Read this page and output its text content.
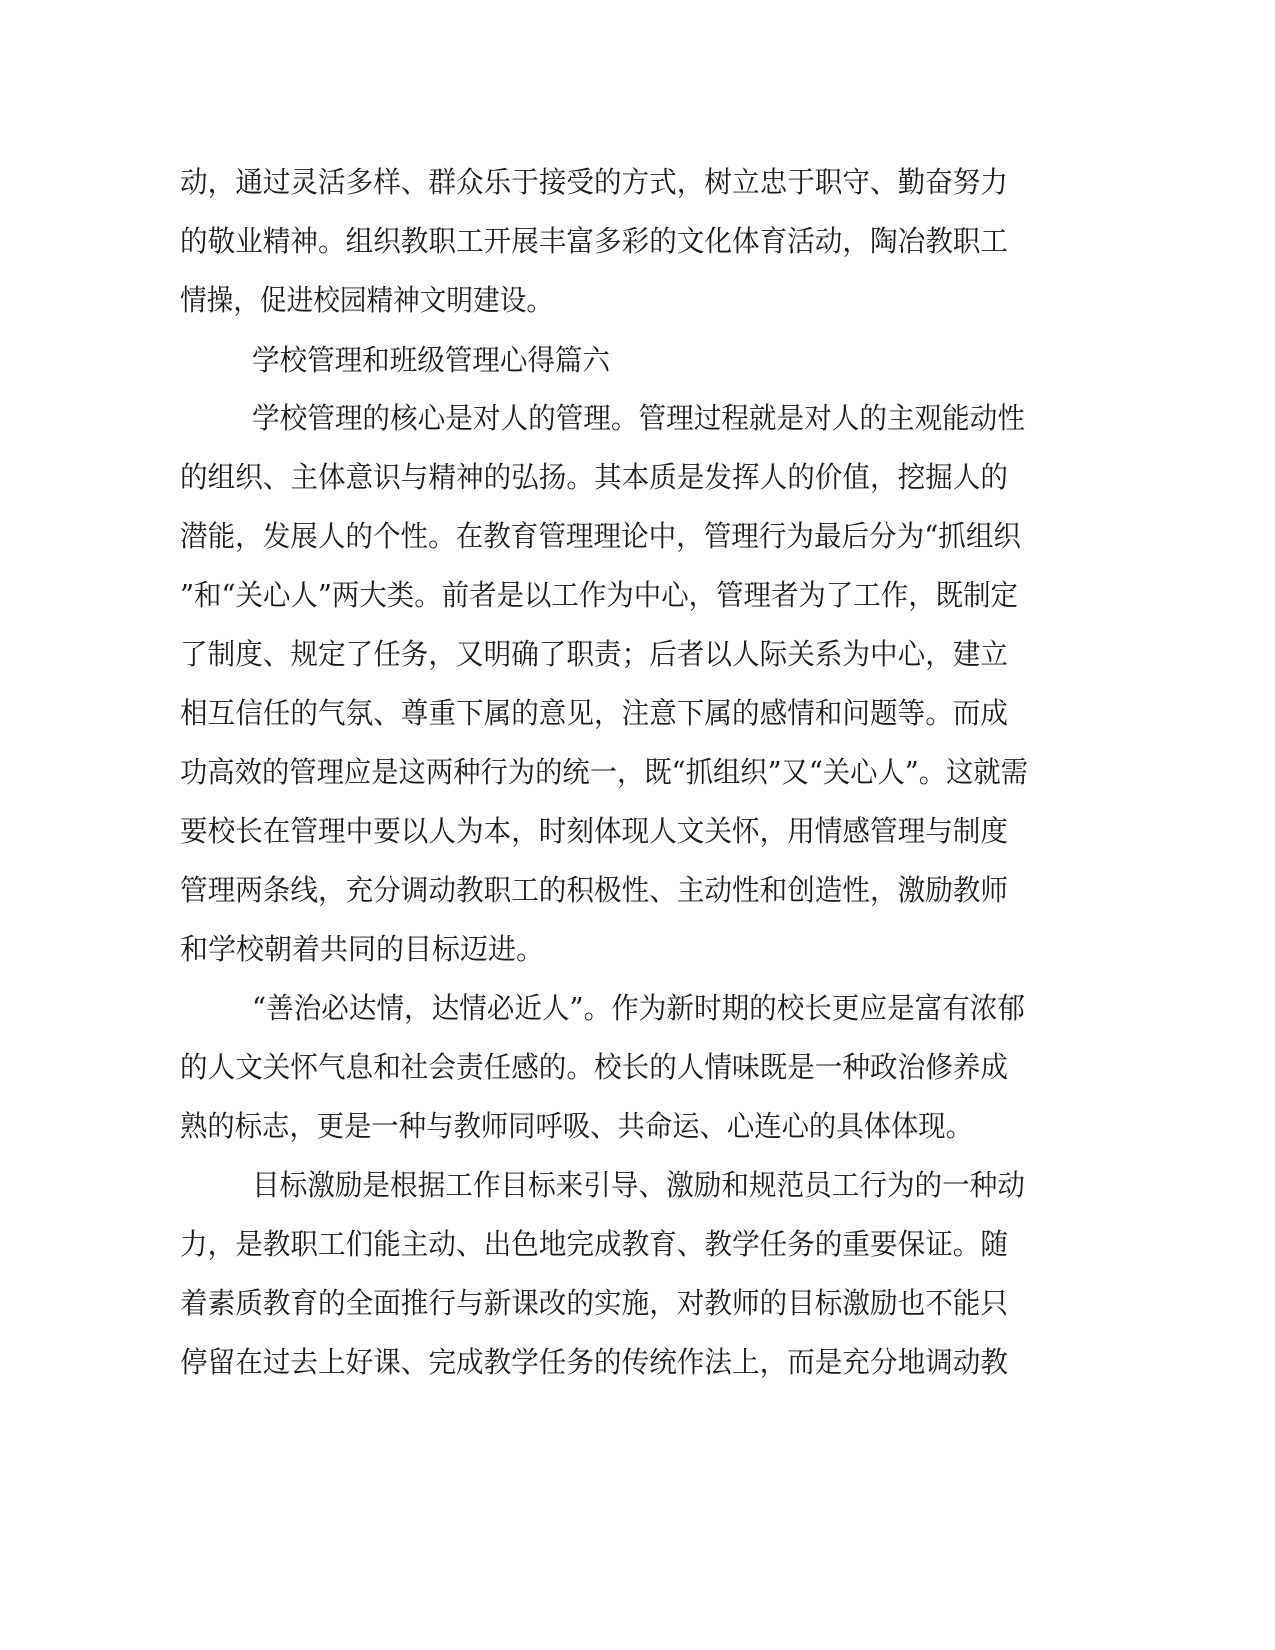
动，通过灵活多样、群众乐于接受的方式，树立忠于职守、勤奋努力
的敬业精神。组织教职工开展丰富多彩的文化体育活动，陶冶教职工
情操，促进校园精神文明建设。
学校管理和班级管理心得篇六
学校管理的核心是对人的管理。管理过程就是对人的主观能动性
的组织、主体意识与精神的弘扬。其本质是发挥人的价值，挖掘人的
潜能，发展人的个性。在教育管理理论中，管理行为最后分为“抓组织
”和“关心人”两大类。前者是以工作为中心，管理者为了工作，既制定
了制度、规定了任务，又明确了职责；后者以人际关系为中心，建立
相互信任的气氛、尊重下属的意见，注意下属的感情和问题等。而成
功高效的管理应是这两种行为的统一，既“抓组织”又“关心人”。这就需
要校长在管理中要以人为本，时刻体现人文关怀，用情感管理与制度
管理两条线，充分调动教职工的积极性、主动性和创造性，激励教师
和学校朝着共同的目标迈进。
“善治必达情，达情必近人”。作为新时期的校长更应是富有浓郁
的人文关怀气息和社会责任感的。校长的人情味既是一种政治修养成
熟的标志，更是一种与教师同呼吸、共命运、心连心的具体体现。
目标激励是根据工作目标来引导、激励和规范员工行为的一种动
力，是教职工们能主动、出色地完成教育、教学任务的重要保证。随
着素质教育的全面推行与新课改的实施，对教师的目标激励也不能只
停留在过去上好课、完成教学任务的传统作法上，而是充分地调动教
